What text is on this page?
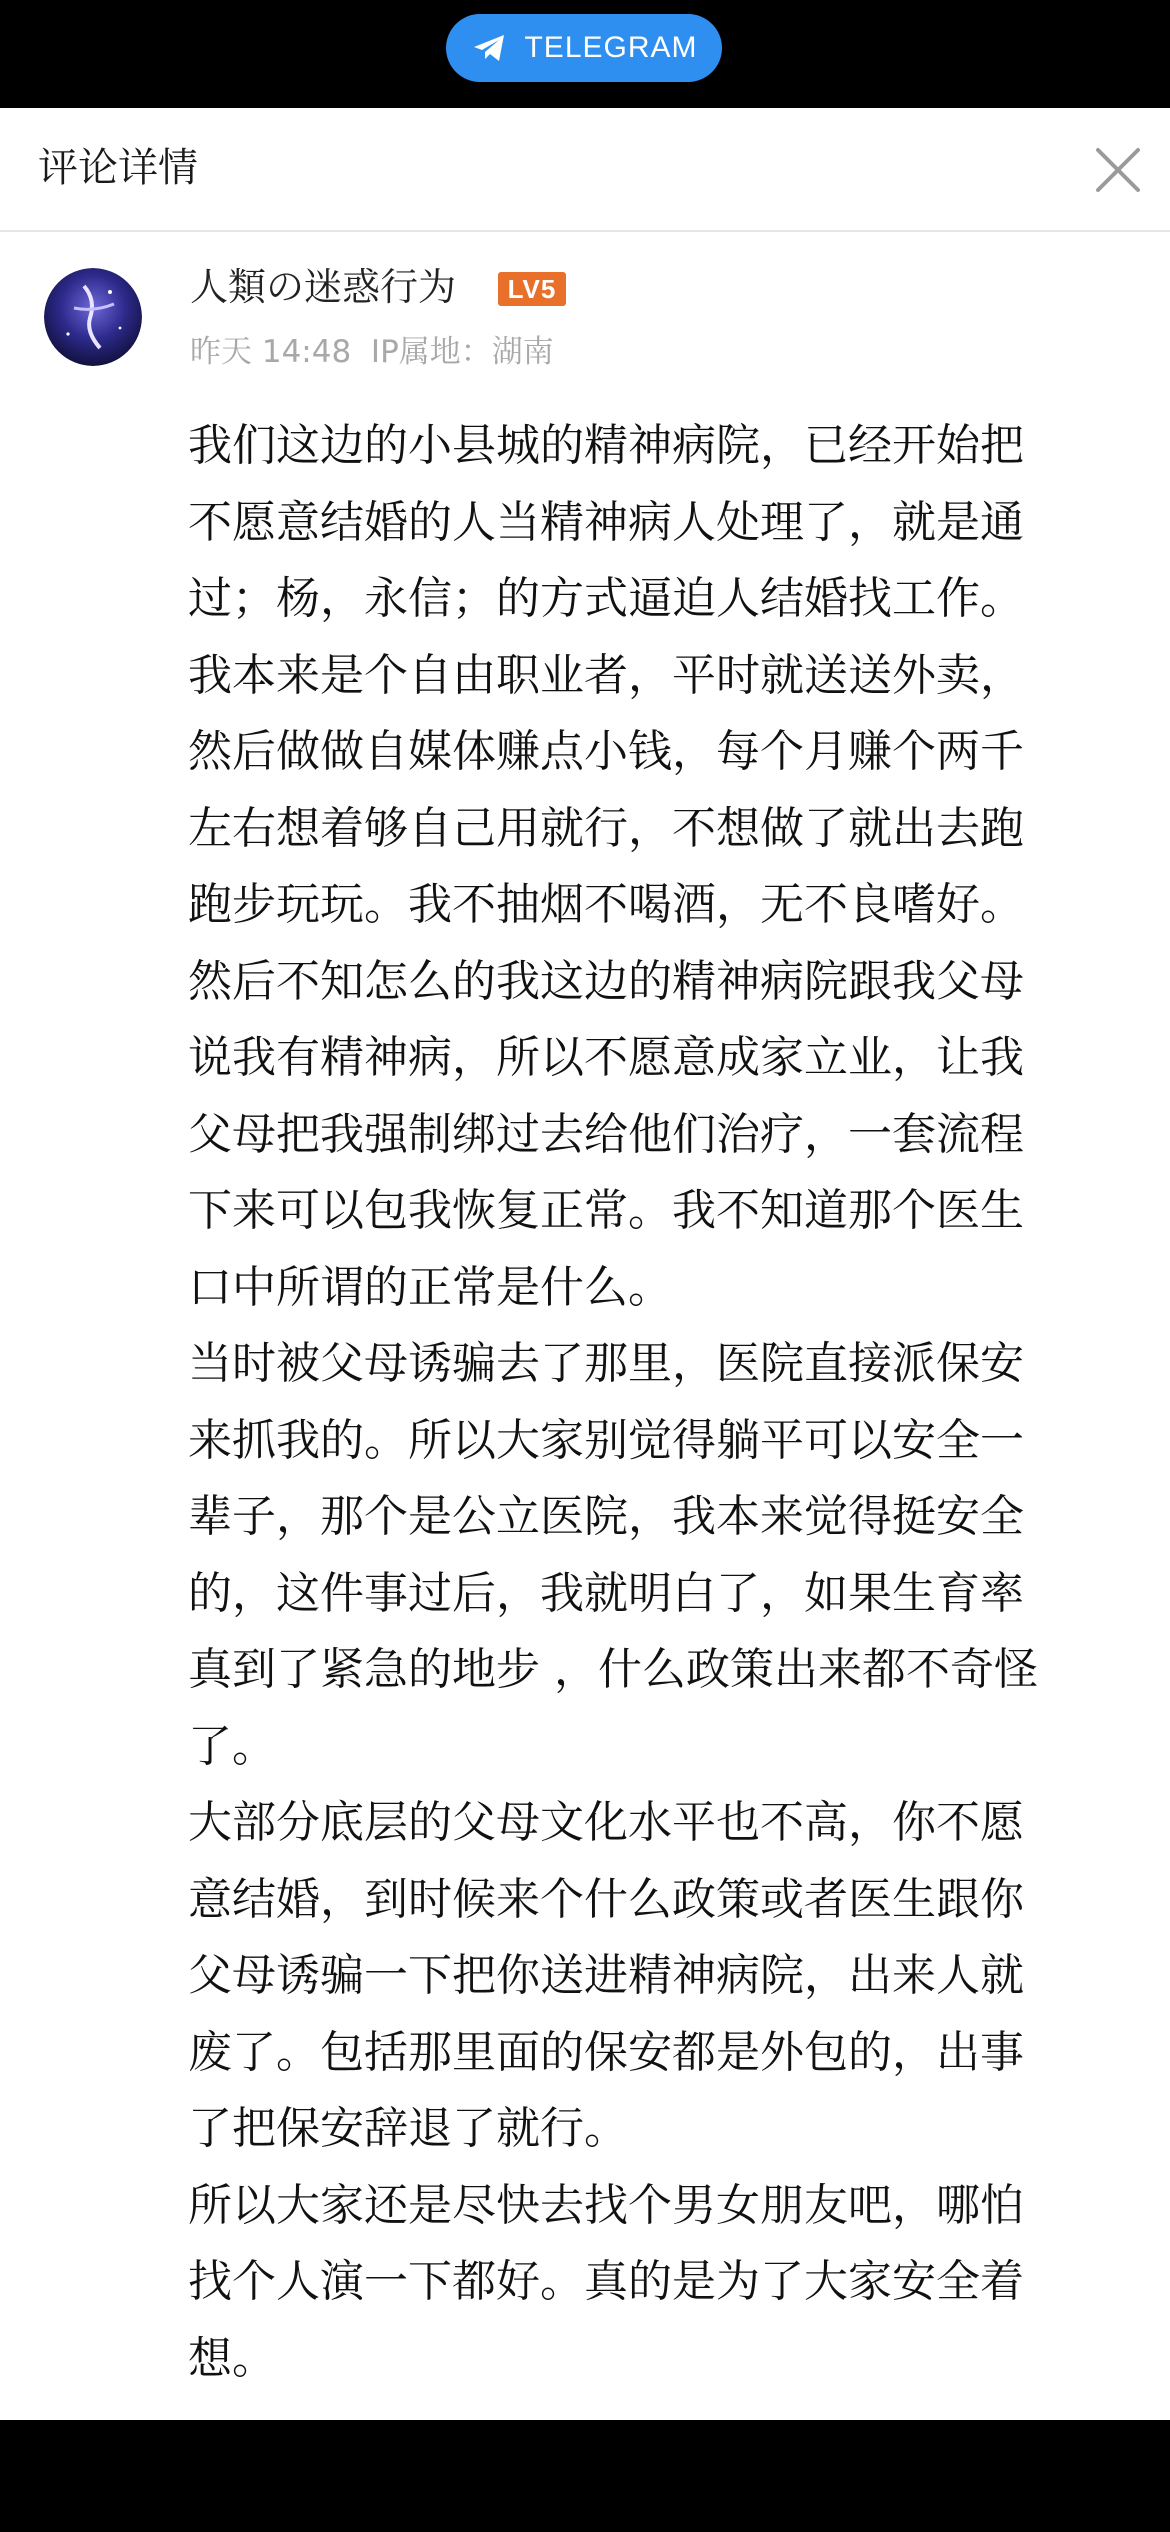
TELEGRAM
评论详情
人類の迷惑行为	LV5
昨天 14:48 IP属地：湖南
我们这边的小县城的精神病院，已经开始把
不愿意结婚的人当精神病人处理了，就是通
过；杨，永信；的方式逼迫人结婚找工作。
我本来是个自由职业者，平时就送送外卖，
然后做做自媒体赚点小钱，每个月赚个两千
左右想着够自己用就行，不想做了就出去跑
跑步玩玩。我不抽烟不喝酒，无不良嗜好。
然后不知怎么的我这边的精神病院跟我父母
说我有精神病，所以不愿意成家立业，让我
父母把我强制绑过去给他们治疗，一套流程
下来可以包我恢复正常。我不知道那个医生
口中所谓的正常是什么。
当时被父母诱骗去了那里，医院直接派保安
来抓我的。所以大家别觉得躺平可以安全一
辈子，那个是公立医院，我本来觉得挺安全
的，这件事过后，我就明白了，如果生育率
真到了紧急的地步 ，什么政策出来都不奇怪
了。
大部分底层的父母文化水平也不高，你不愿
意结婚，到时候来个什么政策或者医生跟你
父母诱骗一下把你送进精神病院，出来人就
废了。包括那里面的保安都是外包的，出事
了把保安辞退了就行。
所以大家还是尽快去找个男女朋友吧，哪怕
找个人演一下都好。真的是为了大家安全着
想。
